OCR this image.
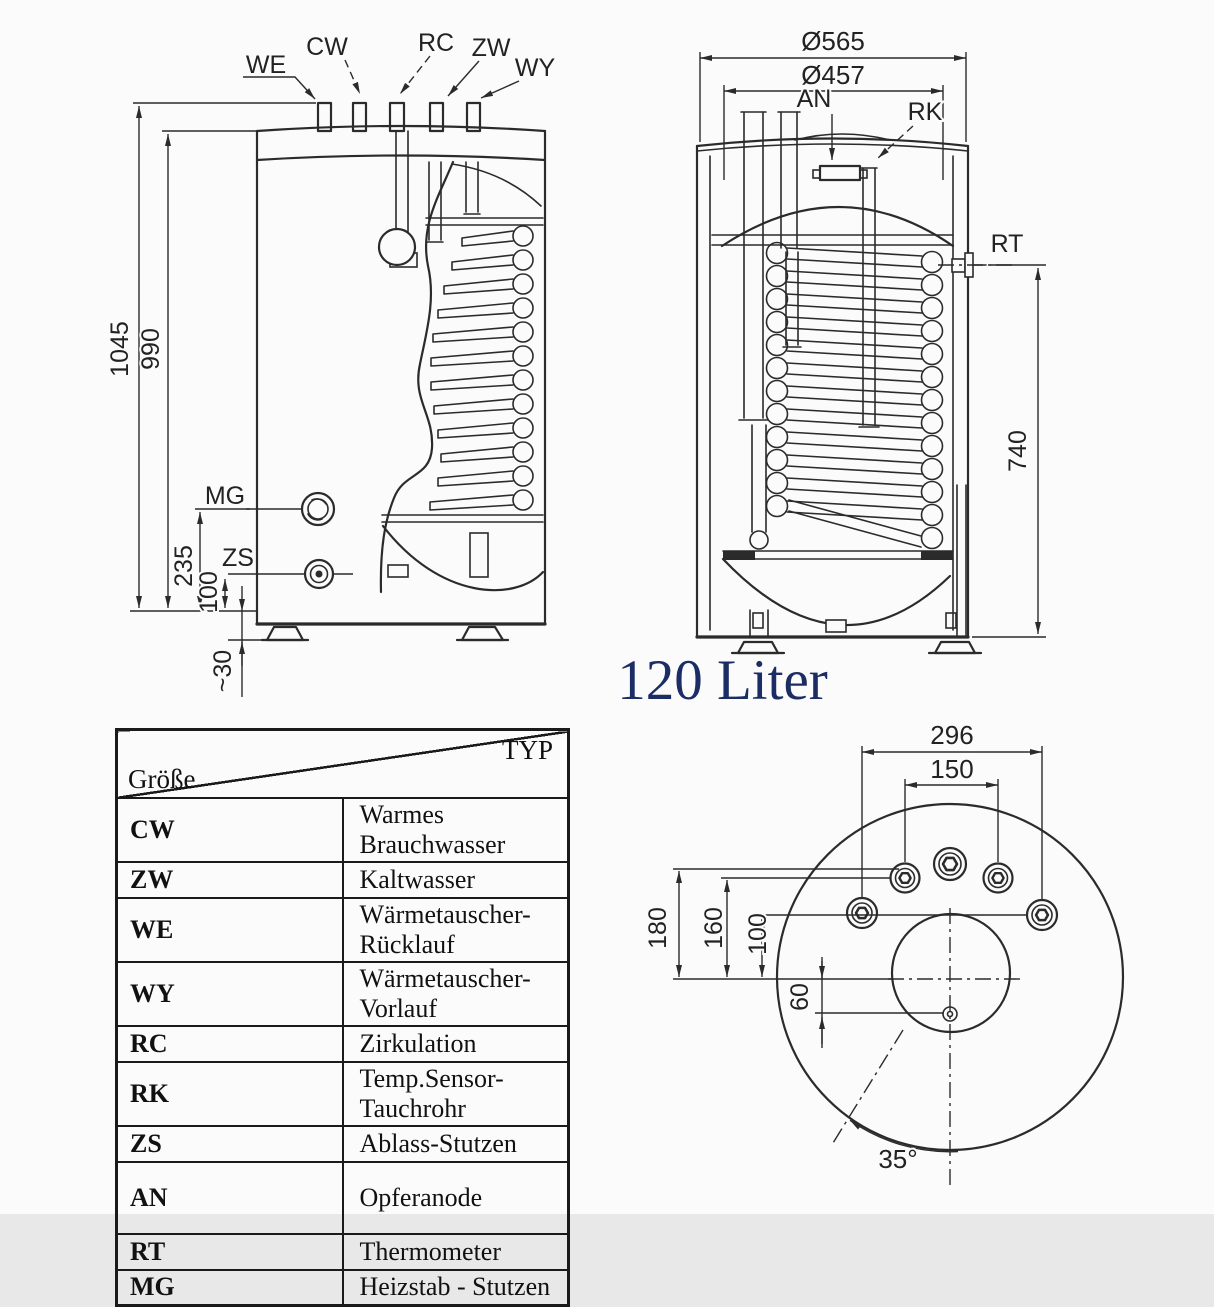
WE
CW	RC ZW
WY
MG
ZS
1045 990
235
100
~30
Ø565
Ø457
AN	RK
RT
740
296
150
180 160 100
60
35°
120 Liter
TYP
Größe	

CW	Warmes Brauchwasser
ZW	Kaltwasser
WE	Wärmetauscher-Rücklauf
WY	Wärmetauscher-Vorlauf
RC	Zirkulation
RK	Temp.Sensor-Tauchrohr
ZS	Ablass-Stutzen
AN	Opferanode
RT	Thermometer
MG	Heizstab - Stutzen
